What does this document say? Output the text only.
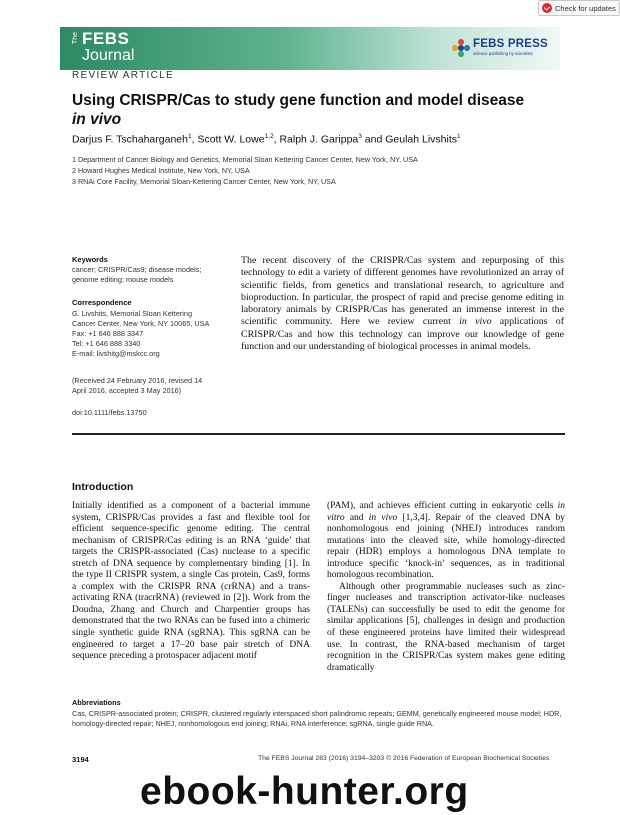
Check for updates
The FEBS
Journal
FEBS PRESS
science publishing by scientists
REVIEW ARTICLE
Using CRISPR/Cas to study gene function and model disease in vivo
Darjus F. Tschaharganeh$^1$, Scott W. Lowe$^{1,2}$, Ralph J. Garippa$^3$ and Geulah Livshits$^1$
1 Department of Cancer Biology and Genetics, Memorial Sloan Kettering Cancer Center, New York, NY, USA
2 Howard Hughes Medical Institute, New York, NY, USA
3 RNAi Core Facility, Memorial Sloan-Kettering Cancer Center, New York, NY, USA
Keywords
cancer; CRISPR/Cas9; disease models;
genome editing; mouse models
Correspondence
G. Livshits, Memorial Sloan Kettering
Cancer Center, New York, NY 10065, USA
Fax: +1 646 888 3347
Tel: +1 646 888 3340
E-mail: livshitg@mskcc.org
(Received 24 February 2016, revised 14
April 2016, accepted 3 May 2016)
doi:10.1111/febs.13750
The recent discovery of the CRISPR/Cas system and repurposing of this technology to edit a variety of different genomes have revolutionized an array of scientific fields, from genetics and translational research, to agriculture and bioproduction. In particular, the prospect of rapid and precise genome editing in laboratory animals by CRISPR/Cas has generated an immense interest in the scientific community. Here we review current in vivo applications of CRISPR/Cas and how this technology can improve our knowledge of gene function and our understanding of biological processes in animal models.
Introduction

Initially identified as a component of a bacterial immune system, CRISPR/Cas provides a fast and flexible tool for efficient sequence-specific genome editing. The central mechanism of CRISPR/Cas editing is an RNA ‘guide’ that targets the CRISPR-associated (Cas) nuclease to a specific stretch of DNA sequence by complementary binding [1]. In the type II CRISPR system, a single Cas protein, Cas9, forms a complex with the CRISPR RNA (crRNA) and a trans-activating RNA (tracrRNA) (reviewed in [2]). Work from the Doudna, Zhang and Church and Charpentier groups has demonstrated that the two RNAs can be fused into a chimeric single synthetic guide RNA (sgRNA). This sgRNA can be engineered to target a 17–20 base pair stretch of DNA sequence preceding a protospacer adjacent motif

(PAM), and achieves efficient cutting in eukaryotic cells in vitro and in vivo [1,3,4]. Repair of the cleaved DNA by nonhomologous end joining (NHEJ) introduces random mutations into the cleaved site, while homology-directed repair (HDR) employs a homologous DNA template to introduce specific ‘knock-in’ sequences, as in traditional homologous recombination.

Although other programmable nucleases such as zinc-finger nucleases and transcription activator-like nucleases (TALENs) can successfully be used to edit the genome for similar applications [5], challenges in design and production of these engineered proteins have limited their widespread use. In contrast, the RNA-based mechanism of target recognition in the CRISPR/Cas system makes gene editing dramatically

Abbreviations
Cas, CRISPR-associated protein; CRISPR, clustered regularly interspaced short palindromic repeats; GEMM, genetically engineered mouse model; HDR, homology-directed repair; NHEJ, nonhomologous end joining; RNAi, RNA interference; sgRNA, single guide RNA.
3194	The FEBS Journal 283 (2016) 3194–3203 © 2016 Federation of European Biochemical Societies
ebook-hunter.org
